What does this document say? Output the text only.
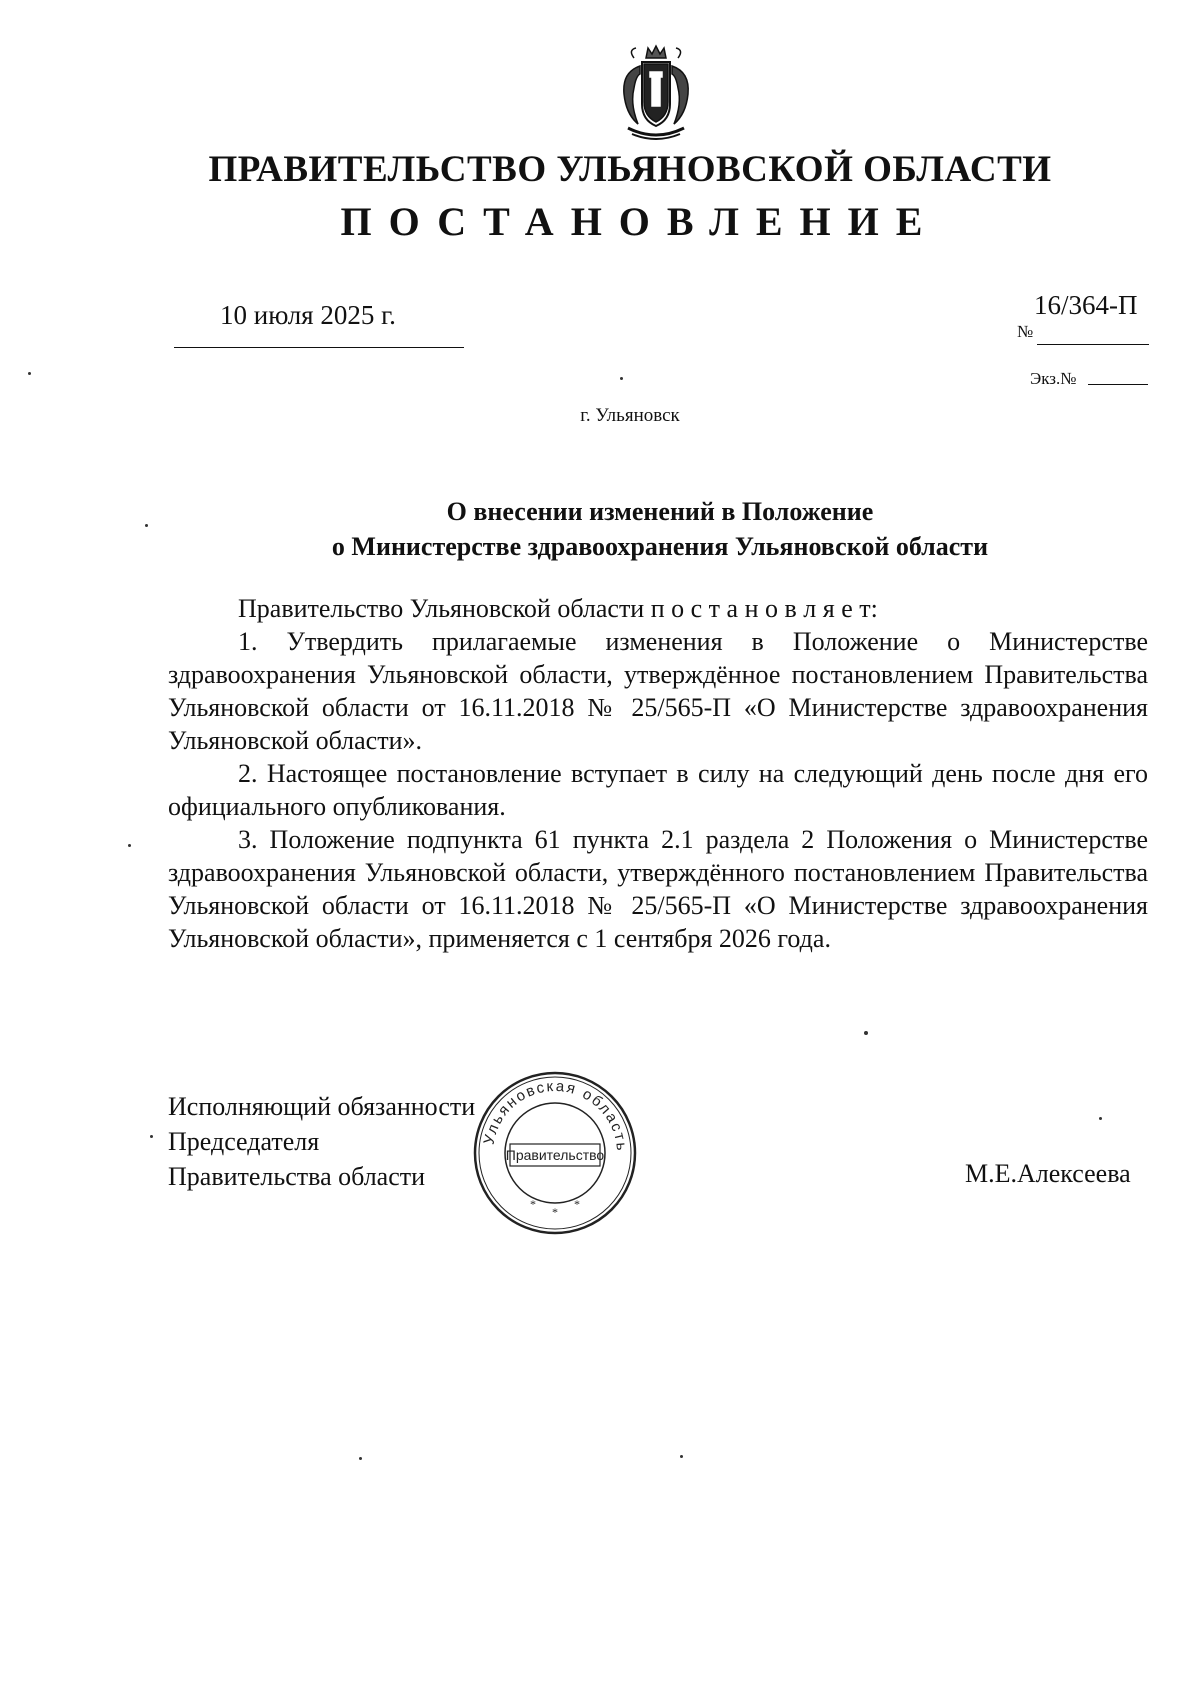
ПРАВИТЕЛЬСТВО УЛЬЯНОВСКОЙ ОБЛАСТИ
ПОСТАНОВЛЕНИЕ
10 июля 2025 г.	16/364-П
№
Экз.№
г. Ульяновск
О внесении изменений в Положение
о Министерстве здравоохранения Ульяновской области

Правительство Ульяновской области п о с т а н о в л я е т:

1. Утвердить прилагаемые изменения в Положение о Министерстве здравоохранения Ульяновской области, утверждённое постановлением Правительства Ульяновской области от 16.11.2018 № 25/565-П «О Министерстве здравоохранения Ульяновской области».

2. Настоящее постановление вступает в силу на следующий день после дня его официального опубликования.

3. Положение подпункта 61 пункта 2.1 раздела 2 Положения о Министерстве здравоохранения Ульяновской области, утверждённого постановлением Правительства Ульяновской области от 16.11.2018 № 25/565-П «О Министерстве здравоохранения Ульяновской области», применяется с 1 сентября 2026 года.

Исполняющий обязанности
Председателя
Правительства области	М.Е.Алексеева
Ульяновская область
Правительство
*
*
*
